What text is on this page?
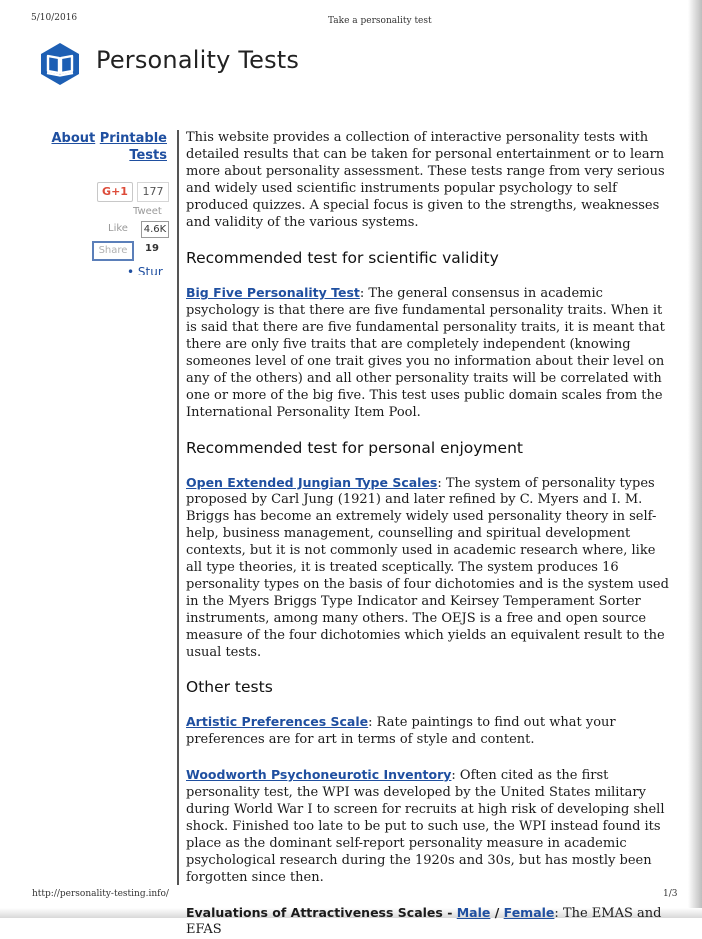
5/10/2016	Take a personality test
Personality Tests
About Printable
Tests
G+1	177
Tweet
Like 4.6K
Share	19
• Stur

This website provides a collection of interactive personality tests with detailed results that can be taken for personal entertainment or to learn more about personality assessment. These tests range from very serious and widely used scientific instruments popular psychology to self produced quizzes. A special focus is given to the strengths, weaknesses and validity of the various systems.

Recommended test for scientific validity

Big Five Personality Test: The general consensus in academic psychology is that there are five fundamental personality traits. When it is said that there are five fundamental personality traits, it is meant that there are only five traits that are completely independent (knowing someones level of one trait gives you no information about their level on any of the others) and all other personality traits will be correlated with one or more of the big five. This test uses public domain scales from the International Personality Item Pool.

Recommended test for personal enjoyment

Open Extended Jungian Type Scales: The system of personality types proposed by Carl Jung (1921) and later refined by C. Myers and I. M. Briggs has become an extremely widely used personality theory in self-help, business management, counselling and spiritual development contexts, but it is not commonly used in academic research where, like all type theories, it is treated sceptically. The system produces 16 personality types on the basis of four dichotomies and is the system used in the Myers Briggs Type Indicator and Keirsey Temperament Sorter instruments, among many others. The OEJS is a free and open source measure of the four dichotomies which yields an equivalent result to the usual tests.

Other tests

Artistic Preferences Scale: Rate paintings to find out what your preferences are for art in terms of style and content.

Woodworth Psychoneurotic Inventory: Often cited as the first personality test, the WPI was developed by the United States military during World War I to screen for recruits at high risk of developing shell shock. Finished too late to be put to such use, the WPI instead found its place as the dominant self-report personality measure in academic psychological research during the 1920s and 30s, but has mostly been forgotten since then.

Evaluations of Attractiveness Scales - Male / Female: The EMAS and EFAS

http://personality-testing.info/	1/3
